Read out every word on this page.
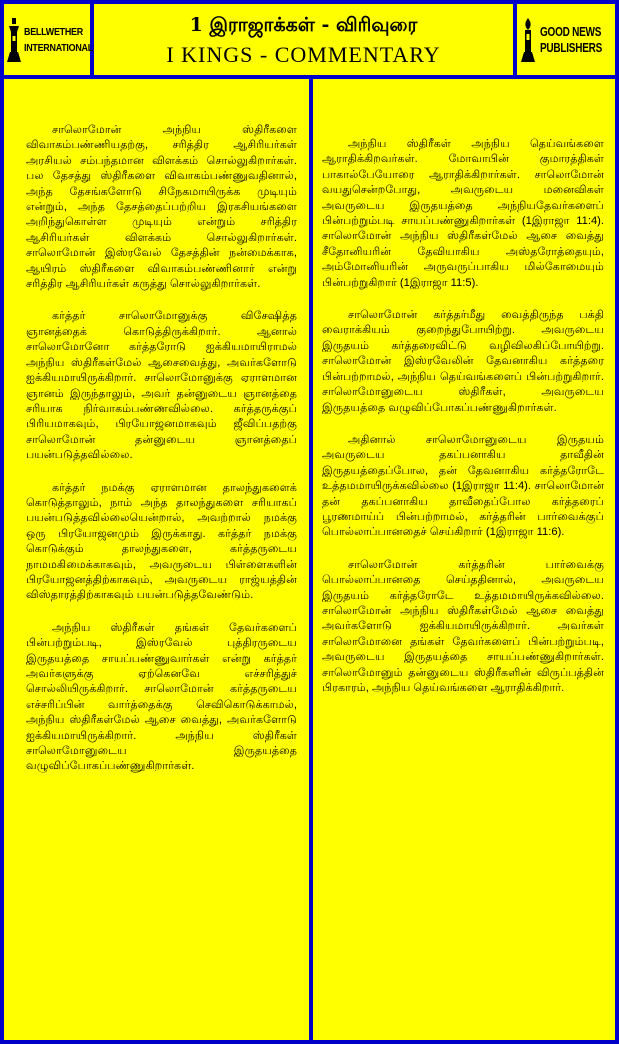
BELLWETHER
INTERNATIONAL
1 இராஜாக்கள் - விரிவுரை
I KINGS - COMMENTARY
GOOD NEWS
PUBLISHERS

சாலொமோன் அந்நிய ஸ்திரீகளை விவாகம்பண்ணியதற்கு, சரித்திர ஆசிரியர்கள் அரசியல் சம்பந்தமான விளக்கம் சொல்லுகிறார்கள். பல தேசத்து ஸ்திரீகளை விவாகம்பண்ணுவதினால், அந்த தேசங்களோடு சிநேகமாயிருக்க முடியும் என்றும், அந்த தேசத்தைப்பற்றிய இரகசியங்களை அறிந்துகொள்ள முடியும் என்றும் சரித்திர ஆசிரியர்கள் விளக்கம் சொல்லுகிறார்கள். சாலொமோன் இஸ்ரவேல் தேசத்தின் நன்மைக்காக, ஆயிரம் ஸ்திரீகளை விவாகம்பண்ணினார் என்று சரித்திர ஆசிரியர்கள் கருத்து சொல்லுகிறார்கள்.

கர்த்தர் சாலொமோனுக்கு விசேஷித்த ஞானத்தைக் கொடுத்திருக்கிறார். ஆனால் சாலொமோனோ கர்த்தரோடு ஐக்கியமாயிராமல் அந்நிய ஸ்திரீகள்மேல் ஆசைவைத்து, அவர்களோடு ஐக்கியமாயிருக்கிறார். சாலொமோனுக்கு ஏராளமான ஞானம் இருந்தாலும், அவர் தன்னுடைய ஞானத்தை சரியாக நிர்வாகம்பண்ணவில்லை. கர்த்தருக்குப் பிரியமாகவும், பிரயோஜனமாகவும் ஜீவிப்பதற்கு சாலொமோன் தன்னுடைய ஞானத்தைப் பயன்படுத்தவில்லை.

கர்த்தர் நமக்கு ஏராளமான தாலந்துகளைக் கொடுத்தாலும், நாம் அந்த தாலந்துகளை சரியாகப் பயன்படுத்தவில்லையென்றால், அவற்றால் நமக்கு ஒரு பிரயோஜனமும் இருக்காது. கர்த்தர் நமக்கு கொடுக்கும் தாலந்துகளை, கர்த்தருடைய நாமமகிமைக்காகவும், அவருடைய பிள்ளைகளின் பிரயோஜனத்திற்காகவும், அவருடைய ராஜ்யத்தின் விஸ்தாரத்திற்காகவும் பயன்படுத்தவேண்டும்.

அந்நிய ஸ்திரீகள் தங்கள் தேவர்களைப் பின்பற்றும்படி, இஸ்ரவேல் புத்திரருடைய இருதயத்தை சாயப்பண்ணுவார்கள் என்று கர்த்தர் அவர்களுக்கு ஏற்கெனவே எச்சரித்துச் சொல்லியிருக்கிறார். சாலொமோன் கர்த்தருடைய எச்சரிப்பின் வார்த்தைக்கு செவிகொடுக்காமல், அந்நிய ஸ்திரீகள்மேல் ஆசை வைத்து, அவர்களோடு ஐக்கியமாயிருக்கிறார். அந்நிய ஸ்திரீகள் சாலொமோனுடைய இருதயத்தை வழுவிப்போகப்பண்ணுகிறார்கள்.

அந்நிய ஸ்திரீகள் அந்நிய தெய்வங்களை ஆராதிக்கிறவர்கள். மோவாபின் குமாரத்திகள் பாகால்பேயோரை ஆராதிக்கிறார்கள். சாலொமோன் வயதுசென்றபோது, அவருடைய மனைவிகள் அவருடைய இருதயத்தை அந்நியதேவர்களைப் பின்பற்றும்படி சாயப்பண்ணுகிறார்கள் (1இராஜா 11:4). சாலொமோன் அந்நிய ஸ்திரீகள்மேல் ஆசை வைத்து சீதோனியரின் தேவியாகிய அஸ்தரோத்தையும், அம்மோனியரின் அருவருப்பாகிய மில்கோமையும் பின்பற்றுகிறார் (1இராஜா 11:5).

சாலொமோன் கர்த்தர்மீது வைத்திருந்த பக்தி வைராக்கியம் குறைந்துபோயிற்று. அவருடைய இருதயம் கர்த்தரைவிட்டு வழிவிலகிப்போயிற்று. சாலொமோன் இஸ்ரவேலின் தேவனாகிய கர்த்தரை பின்பற்றாமல், அந்நிய தெய்வங்களைப் பின்பற்றுகிறார். சாலொமோனுடைய ஸ்திரீகள், அவருடைய இருதயத்தை வழுவிப்போகப்பண்ணுகிறார்கள்.

அதினால் சாலொமோனுடைய இருதயம் அவருடைய தகப்பனாகிய தாவீதின் இருதயத்தைப்போல, தன் தேவனாகிய கர்த்தரோடே உத்தமமாயிருக்கவில்லை (1இராஜா 11:4). சாலொமோன் தன் தகப்பனாகிய தாவீதைப்போல கர்த்தரைப் பூரணமாய்ப் பின்பற்றாமல், கர்த்தரின் பார்வைக்குப் பொல்லாப்பானதைச் செய்கிறார் (1இராஜா 11:6).

சாலொமோன் கர்த்தரின் பார்வைக்கு பொல்லாப்பானதை செய்ததினால், அவருடைய இருதயம் கர்த்தரோடே உத்தமமாயிருக்கவில்லை. சாலொமோன் அந்நிய ஸ்திரீகள்மேல் ஆசை வைத்து அவர்களோடு ஐக்கியமாயிருக்கிறார். அவர்கள் சாலொமோனை தங்கள் தேவர்களைப் பின்பற்றும்படி, அவருடைய இருதயத்தை சாயப்பண்ணுகிறார்கள். சாலொமோனும் தன்னுடைய ஸ்திரீகளின் விருப்பத்தின் பிரகாரம், அந்நிய தெய்வங்களை ஆராதிக்கிறார்.
